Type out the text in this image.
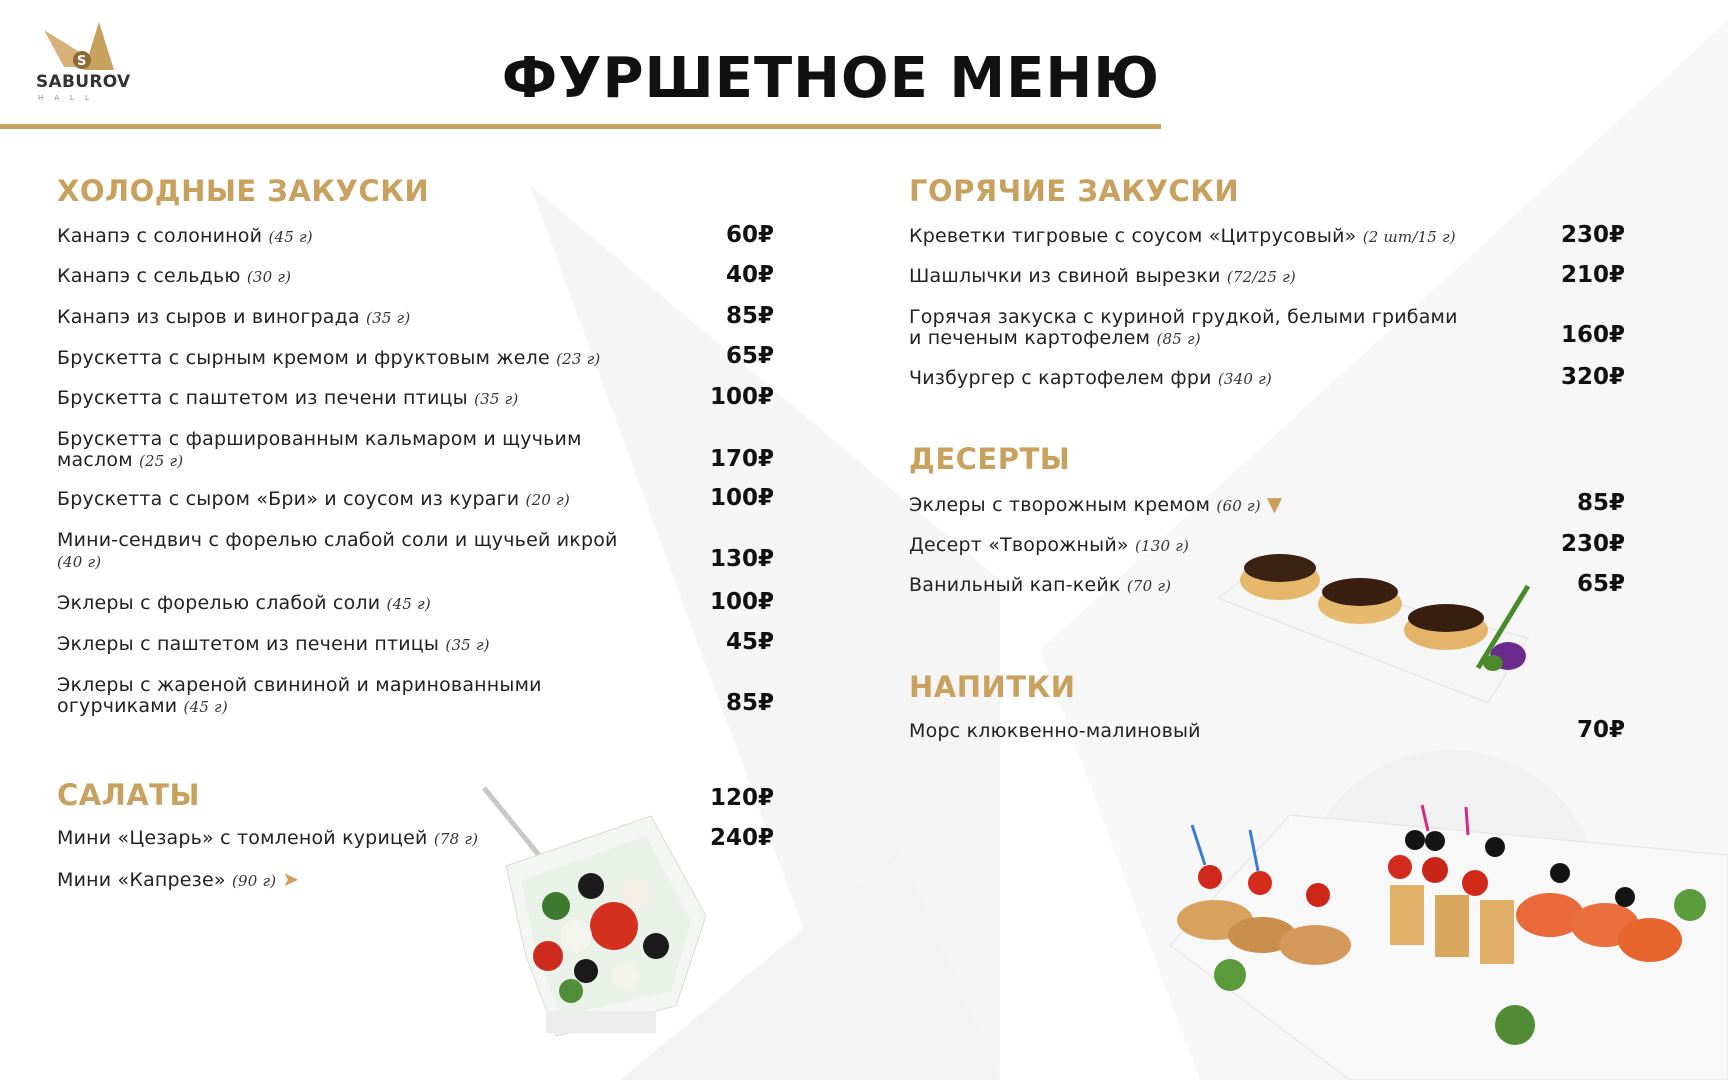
S
SABUROV
HALL	ФУРШЕТНОЕ МЕНЮ
ХОЛОДНЫЕ ЗАКУСКИ
Канапэ с солониной (45 г)	60₽
Канапэ с сельдью (30 г)	40₽
Канапэ из сыров и винограда (35 г)	85₽
Брускетта с сырным кремом и фруктовым желе (23 г)	65₽
Брускетта с паштетом из печени птицы (35 г)	100₽
Брускетта с фаршированным кальмаром и щучьим
маслом (25 г)	170₽
Брускетта с сыром «Бри» и соусом из кураги (20 г)	100₽
Мини-сендвич с форелью слабой соли и щучьей икрой
(40 г)	130₽
Эклеры с форелью слабой соли (45 г)	100₽
Эклеры с паштетом из печени птицы (35 г)	45₽
Эклеры с жареной свининой и маринованными
огурчиками (45 г)	85₽
САЛАТЫ	120₽
Мини «Цезарь» с томленой курицей (78 г)	240₽
Мини «Капрезе» (90 г) ➤
ГОРЯЧИЕ ЗАКУСКИ
Креветки тигровые с соусом «Цитрусовый» (2 шт/15 г)	230₽
Шашлычки из свиной вырезки (72/25 г)	210₽
Горячая закуска с куриной грудкой, белыми грибами
и печеным картофелем (85 г)	160₽
Чизбургер с картофелем фри (340 г)	320₽
ДЕСЕРТЫ
Эклеры с творожным кремом (60 г) ▼	85₽
Десерт «Творожный» (130 г)	230₽
Ванильный кап-кейк (70 г)	65₽
НАПИТКИ
Морс клюквенно-малиновый	70₽
